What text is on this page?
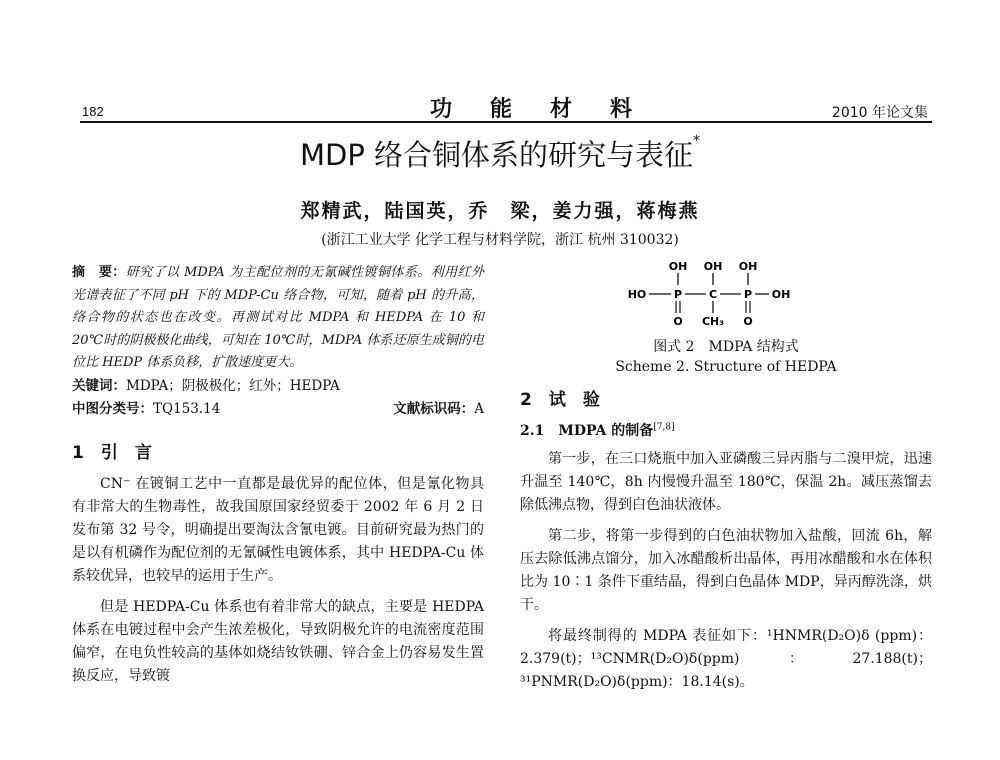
182	功能材料	2010 年论文集
MDP 络合铜体系的研究与表征*
郑精武，陆国英，乔　梁，姜力强，蒋梅燕
(浙江工业大学 化学工程与材料学院，浙江 杭州 310032)

摘　要：研究了以 MDPA 为主配位剂的无氰碱性镀铜体系。利用红外光谱表征了不同 pH 下的 MDP-Cu 络合物，可知，随着 pH 的升高，络合物的状态也在改变。再测试对比 MDPA 和 HEDPA 在 10 和 20℃时的阴极极化曲线，可知在 10℃时，MDPA 体系还原生成铜的电位比 HEDP 体系负移，扩散速度更大。

关键词：MDPA；阴极极化；红外；HEDPA

中图分类号：TQ153.14	文献标识码：A
1　引　言

CN⁻ 在镀铜工艺中一直都是最优异的配位体，但是氰化物具有非常大的生物毒性，故我国原国家经贸委于 2002 年 6 月 2 日发布第 32 号令，明确提出要淘汰含氰电镀。目前研究最为热门的是以有机磷作为配位剂的无氰碱性电镀体系，其中 HEDPA-Cu 体系较优异，也较早的运用于生产。

但是 HEDPA-Cu 体系也有着非常大的缺点，主要是 HEDPA 体系在电镀过程中会产生浓差极化，导致阴极允许的电流密度范围偏窄，在电负性较高的基体如烧结钕铁硼、锌合金上仍容易发生置换反应，导致镀

OH OH OH
HO	P C P OH
O CH₃ O

图式 2　MDPA 结构式

Scheme 2. Structure of HEDPA

2　试　验
2.1　MDPA 的制备[7,8]

第一步，在三口烧瓶中加入亚磷酸三异丙脂与二溴甲烷，迅速升温至 140℃，8h 内慢慢升温至 180℃，保温 2h。减压蒸馏去除低沸点物，得到白色油状液体。

第二步，将第一步得到的白色油状物加入盐酸，回流 6h，解压去除低沸点馏分，加入冰醋酸析出晶体，再用冰醋酸和水在体积比为 10∶1 条件下重结晶，得到白色晶体 MDP，异丙醇洗涤，烘干。

将最终制得的 MDPA 表征如下：¹HNMR(D₂O)δ (ppm)：2.379(t)；¹³CNMR(D₂O)δ(ppm)：27.188(t)；³¹PNMR(D₂O)δ(ppm)：18.14(s)。
